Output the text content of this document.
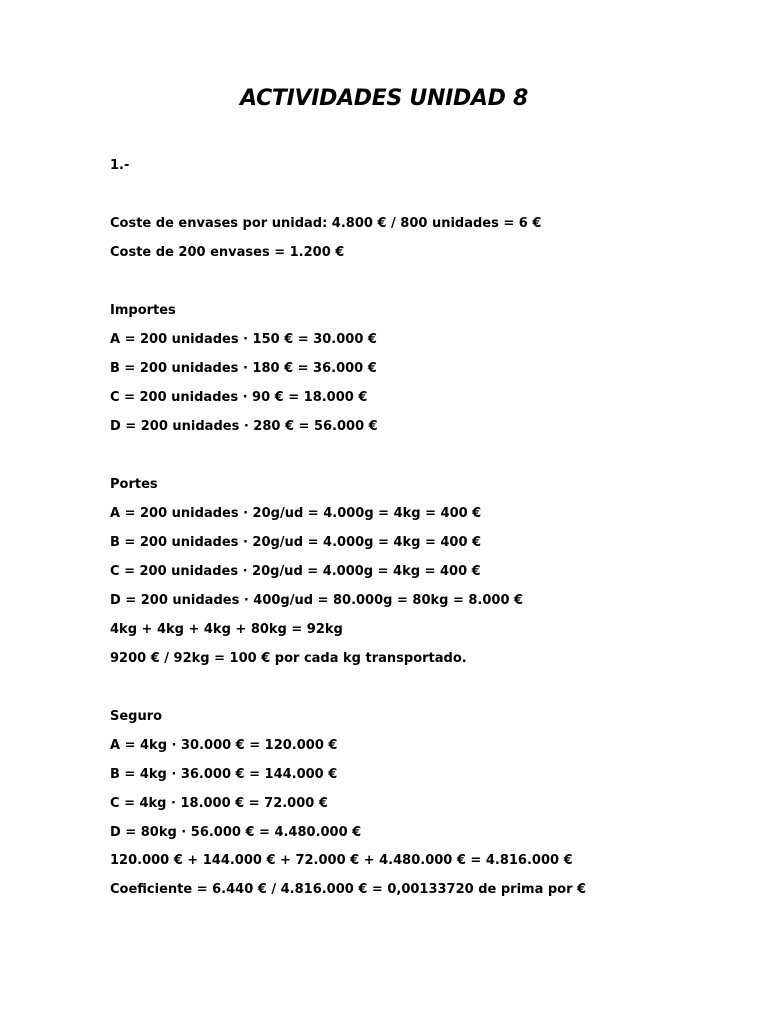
ACTIVIDADES UNIDAD 8
1.-
Coste de envases por unidad: 4.800 € / 800 unidades = 6 €
Coste de 200 envases = 1.200 €
Importes
A = 200 unidades · 150 € = 30.000 €
B = 200 unidades · 180 € = 36.000 €
C = 200 unidades · 90 € = 18.000 €
D = 200 unidades · 280 € = 56.000 €
Portes
A = 200 unidades · 20g/ud = 4.000g = 4kg = 400 €
B = 200 unidades · 20g/ud = 4.000g = 4kg = 400 €
C = 200 unidades · 20g/ud = 4.000g = 4kg = 400 €
D = 200 unidades · 400g/ud = 80.000g = 80kg = 8.000 €
4kg + 4kg + 4kg + 80kg = 92kg
9200 € / 92kg = 100 € por cada kg transportado.
Seguro
A = 4kg · 30.000 € = 120.000 €
B = 4kg · 36.000 € = 144.000 €
C = 4kg · 18.000 € = 72.000 €
D = 80kg · 56.000 € = 4.480.000 €
120.000 € + 144.000 € + 72.000 € + 4.480.000 € = 4.816.000 €
Coeficiente = 6.440 € / 4.816.000 € = 0,00133720 de prima por €
